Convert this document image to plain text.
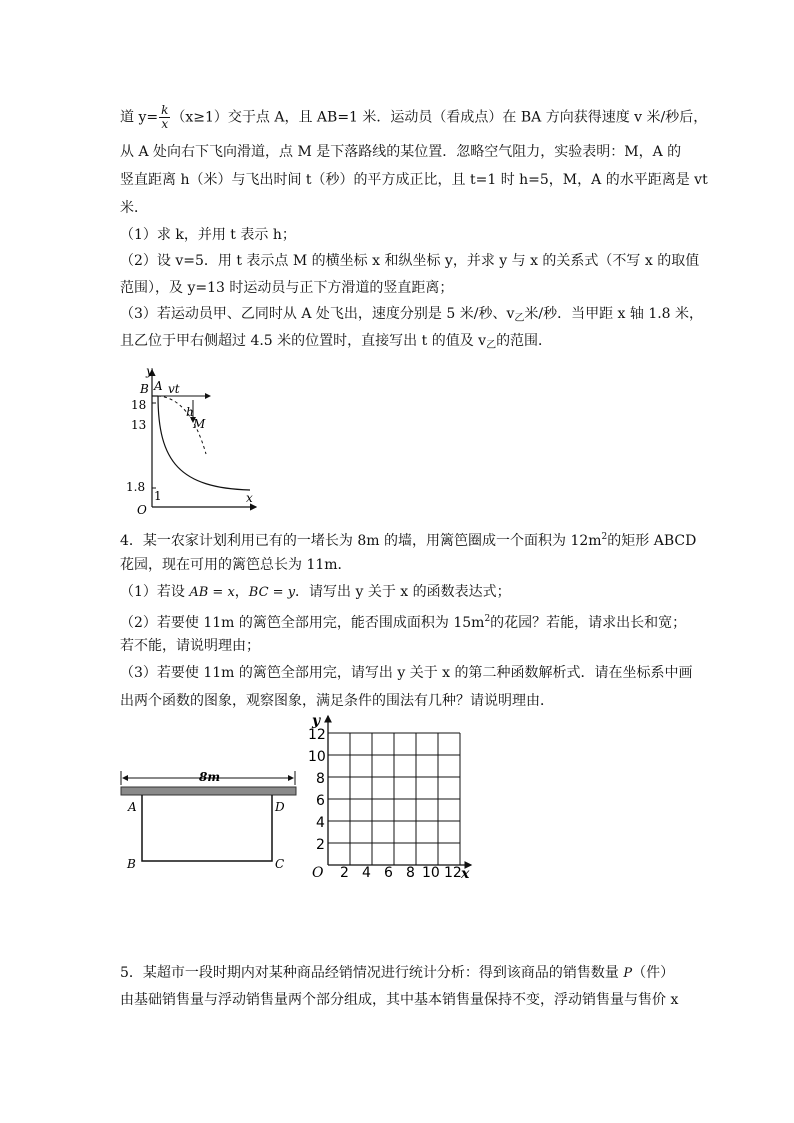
道 $y= \frac{k}{x} (x\ge 1)$交于点 A，且 AB=1 米．运动员（看成点）在 BA 方向获得速度 v 米/秒后，
从 A 处向右下飞向滑道，点 M 是下落路线的某位置．忽略空气阻力，实验表明：M，A 的
竖直距离 h（米）与飞出时间 t（秒）的平方成正比，且 t=1 时 h=5，M，A 的水平距离是 vt
米．
（1）求 k，并用 t 表示 h；
（2）设 v=5．用 t 表示点 M 的横坐标 x 和纵坐标 y，并求 y 与 x 的关系式（不写 x 的取值
范围），及 y=13 时运动员与正下方滑道的竖直距离；
（3）若运动员甲、乙同时从 A 处飞出，速度分别是 5 米/秒、$v_乙$米/秒．当甲距 x 轴 1.8 米，
且乙位于甲右侧超过 4.5 米的位置时，直接写出 t 的值及 $v_乙$的范围．
y
x
O
18
13
1.8
1
B A vt
h
M
4．某一农家计划利用已有的一堵长为 8m 的墙，用篱笆圈成一个面积为 $12m^2$的矩形 ABCD
花园，现在可用的篱笆总长为 11m．
（1）若设 AB = x，BC = y．请写出 y 关于 x 的函数表达式；
（2）若要使 11m 的篱笆全部用完，能否围成面积为 $15m^2$的花园？若能，请求出长和宽；
若不能，请说明理由；
（3）若要使 11m 的篱笆全部用完，请写出 y 关于 x 的第二种函数解析式．请在坐标系中画
出两个函数的图象，观察图象，满足条件的围法有几种？请说明理由．
8m
A	D
B	C
y
x
O
12
10
8
6
4
2
2 4 6 8 10 12
5．某超市一段时期内对某种商品经销情况进行统计分析：得到该商品的销售数量 P（件）
由基础销售量与浮动销售量两个部分组成，其中基本销售量保持不变，浮动销售量与售价 x
